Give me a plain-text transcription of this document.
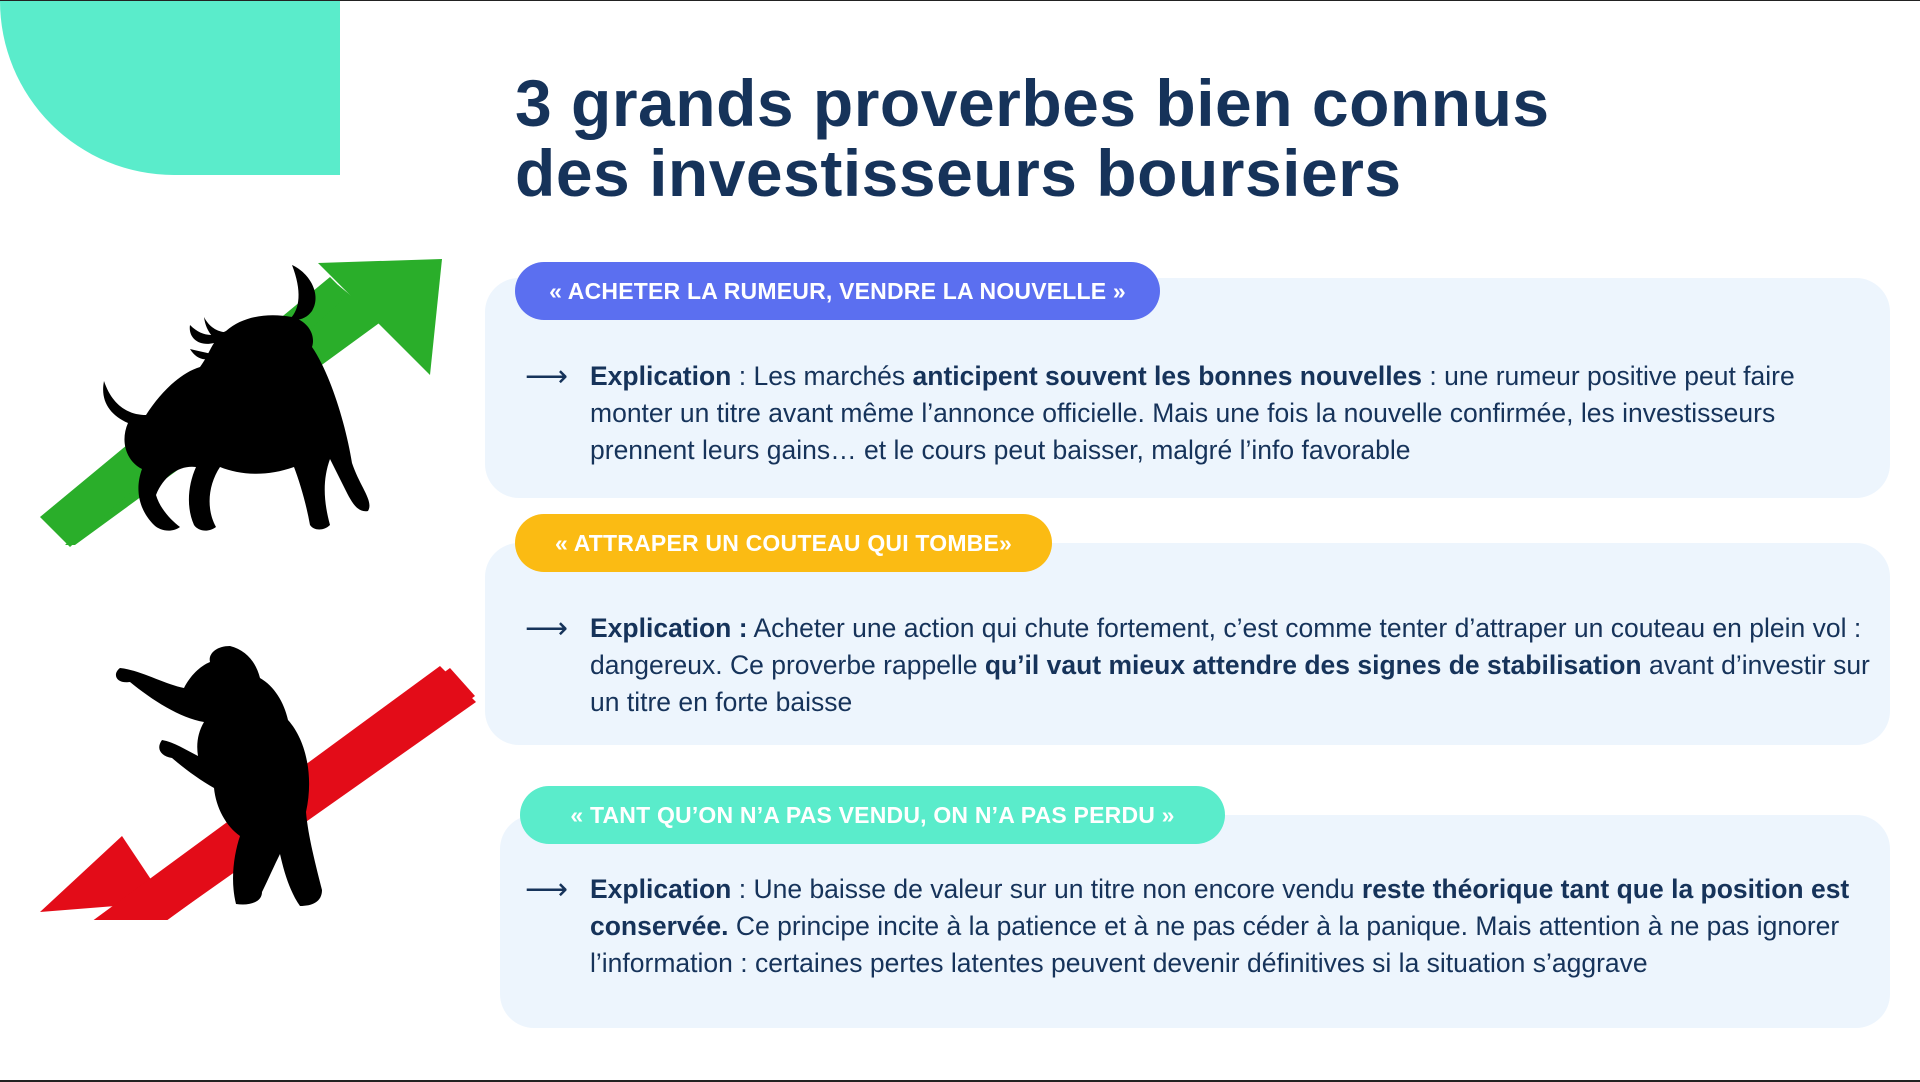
3 grands proverbes bien connus
des investisseurs boursiers
« ACHETER LA RUMEUR, VENDRE LA NOUVELLE »
⟶ Explication : Les marchés anticipent souvent les bonnes nouvelles : une rumeur positive peut faire monter un titre avant même l’annonce officielle. Mais une fois la nouvelle confirmée, les investisseurs prennent leurs gains… et le cours peut baisser, malgré l’info favorable

« ATTRAPER UN COUTEAU QUI TOMBE»
⟶ Explication : Acheter une action qui chute fortement, c’est comme tenter d’attraper un couteau en plein vol : dangereux. Ce proverbe rappelle qu’il vaut mieux attendre des signes de stabilisation avant d’investir sur un titre en forte baisse

« TANT QU’ON N’A PAS VENDU, ON N’A PAS PERDU »
⟶ Explication : Une baisse de valeur sur un titre non encore vendu reste théorique tant que la position est conservée. Ce principe incite à la patience et à ne pas céder à la panique. Mais attention à ne pas ignorer l’information : certaines pertes latentes peuvent devenir définitives si la situation s’aggrave
